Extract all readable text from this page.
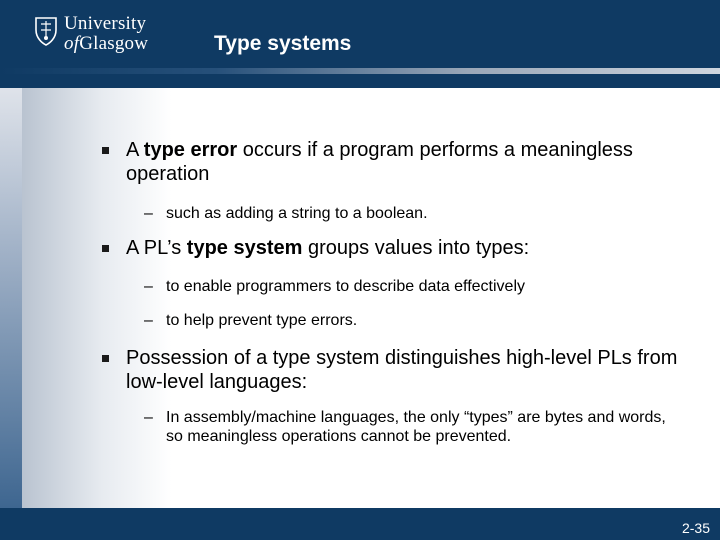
University
ofGlasgow	Type systems
A type error occurs if a program performs a meaningless operation
– such as adding a string to a boolean.
A PL’s type system groups values into types:
– to enable programmers to describe data effectively
– to help prevent type errors.
Possession of a type system distinguishes high-level PLs from low-level languages:
– In assembly/machine languages, the only “types” are bytes and words, so meaningless operations cannot be prevented.
2-35
